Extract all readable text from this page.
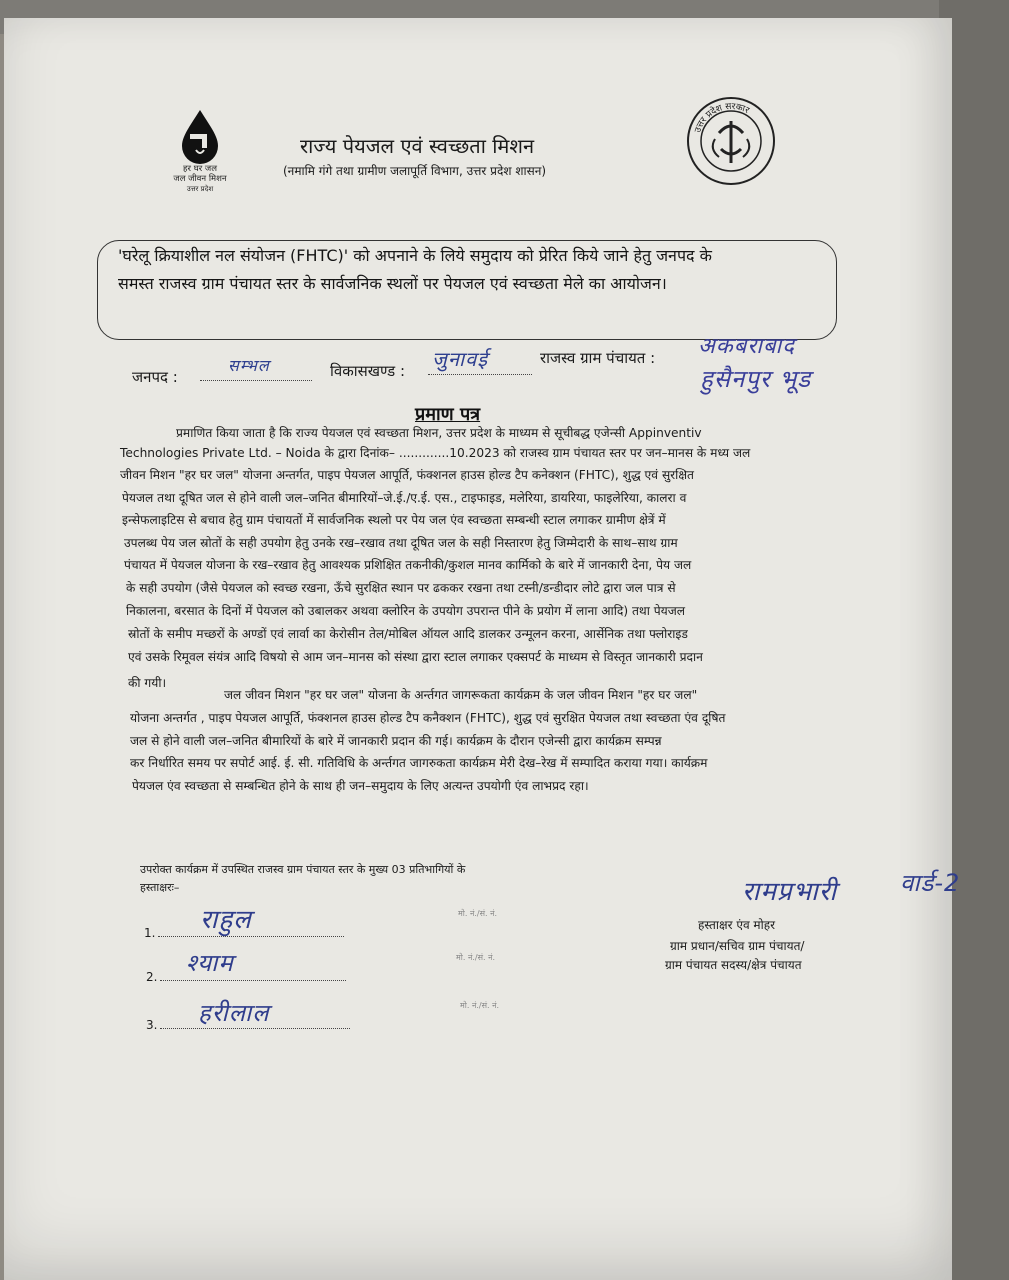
हर घर जल
जल जीवन मिशन
उत्तर प्रदेश
राज्य पेयजल एवं स्वच्छता मिशन
(नमामि गंगे तथा ग्रामीण जलापूर्ति विभाग, उत्तर प्रदेश शासन)
उत्तर प्रदेश सरकार
'घरेलू क्रियाशील नल संयोजन (FHTC)' को अपनाने के लिये समुदाय को प्रेरित किये जाने हेतु जनपद के
समस्त राजस्व ग्राम पंचायत स्तर के सार्वजनिक स्थलों पर पेयजल एवं स्वच्छता मेले का आयोजन।
जनपद :
सम्भल	विकासखण्ड : जुनावई	राजस्व ग्राम पंचायत : अकबराबाद
हुसैनपुर भूड
प्रमाण पत्र
प्रमाणित किया जाता है कि राज्य पेयजल एवं स्वच्छता मिशन, उत्तर प्रदेश के माध्यम से सूचीबद्ध एजेन्सी Appinventiv
Technologies Private Ltd. – Noida के द्वारा दिनांक– .............10.2023 को राजस्व ग्राम पंचायत स्तर पर जन–मानस के मध्य जल
जीवन मिशन "हर घर जल" योजना अन्तर्गत, पाइप पेयजल आपूर्ति, फंक्शनल हाउस होल्ड टैप कनेक्शन (FHTC), शुद्ध एवं सुरक्षित
पेयजल तथा दूषित जल से होने वाली जल–जनित बीमारियों–जे.ई./ए.ई. एस., टाइफाइड, मलेरिया, डायरिया, फाइलेरिया, कालरा व
इन्सेफलाइटिस से बचाव हेतु ग्राम पंचायतों में सार्वजनिक स्थलो पर पेय जल एंव स्वच्छता सम्बन्धी स्टाल लगाकर ग्रामीण क्षेत्रें में
उपलब्ध पेय जल स्रोतों के सही उपयोग हेतु उनके रख–रखाव तथा दूषित जल के सही निस्तारण हेतु जिम्मेदारी के साथ–साथ ग्राम
पंचायत में पेयजल योजना के रख–रखाव हेतु आवश्यक प्रशिक्षित तकनीकी/कुशल मानव कार्मिको के बारे में जानकारी देना, पेय जल
के सही उपयोग (जैसे पेयजल को स्वच्छ रखना, ऊँचे सुरक्षित स्थान पर ढककर रखना तथा टस्नी/डन्डीदार लोटे द्वारा जल पात्र से
निकालना, बरसात के दिनों में पेयजल को उबालकर अथवा क्लोरिन के उपयोग उपरान्त पीने के प्रयोग में लाना आदि) तथा पेयजल
स्रोतों के समीप मच्छरों के अण्डों एवं लार्वा का केरोसीन तेल/मोबिल ऑयल आदि डालकर उन्मूलन करना, आर्सेनिक तथा फ्लोराइड
एवं उसके रिमूवल संयंत्र आदि विषयो से आम जन–मानस को संस्था द्वारा स्टाल लगाकर एक्सपर्ट के माध्यम से विस्तृत जानकारी प्रदान
की गयी।
जल जीवन मिशन "हर घर जल" योजना के अर्न्तगत जागरूकता कार्यक्रम के जल जीवन मिशन "हर घर जल"
योजना अन्तर्गत , पाइप पेयजल आपूर्ति, फंक्शनल हाउस होल्ड टैप कनैक्शन (FHTC), शुद्ध एवं सुरक्षित पेयजल तथा स्वच्छता एंव दूषित
जल से होने वाली जल–जनित बीमारियों के बारे में जानकारी प्रदान की गई। कार्यक्रम के दौरान एजेन्सी द्वारा कार्यक्रम सम्पन्न
कर निर्धारित समय पर सपोर्ट आई. ई. सी. गतिविधि के अर्न्तगत जागरुकता कार्यक्रम मेरी देख–रेख में सम्पादित कराया गया। कार्यक्रम
पेयजल एंव स्वच्छता से सम्बन्धित होने के साथ ही जन–समुदाय के लिए अत्यन्त उपयोगी एंव लाभप्रद रहा।
उपरोक्त कार्यक्रम में उपस्थित राजस्व ग्राम पंचायत स्तर के मुख्य 03 प्रतिभागियों के
हस्ताक्षरः–
1. राहुल	मो. नं./सं. नं.
2. श्याम	मो. नं./सं. नं.
3. हरीलाल	मो. नं./सं. नं.
रामप्रभारी	वार्ड-2
हस्ताक्षर एंव मोहर
ग्राम प्रधान/सचिव ग्राम पंचायत/
ग्राम पंचायत सदस्य/क्षेत्र पंचायत
